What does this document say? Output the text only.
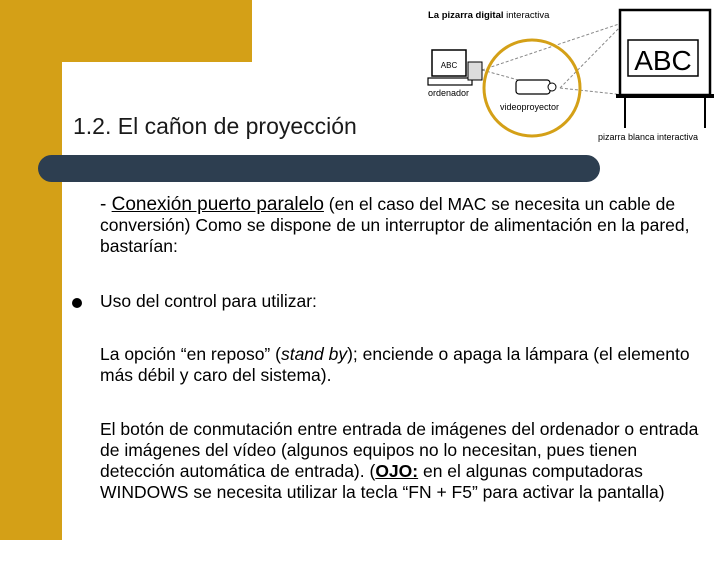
La pizarra digital interactiva
ABC
pizarra blanca interactiva
ABC
ordenador
videoproyector
1.2. El cañon de proyección
- Conexión puerto paralelo (en el caso del MAC se necesita un cable de conversión) Como se dispone de un interruptor de alimentación en la pared, bastarían:
Uso del control para utilizar:
La opción “en reposo” (stand by); enciende o apaga la lámpara (el elemento más débil y caro del sistema).
El botón de conmutación entre entrada de imágenes del ordenador o entrada de imágenes del vídeo (algunos equipos no lo necesitan, pues tienen detección automática de entrada). (OJO: en el algunas computadoras WINDOWS se necesita utilizar la tecla “FN + F5” para activar la pantalla)
